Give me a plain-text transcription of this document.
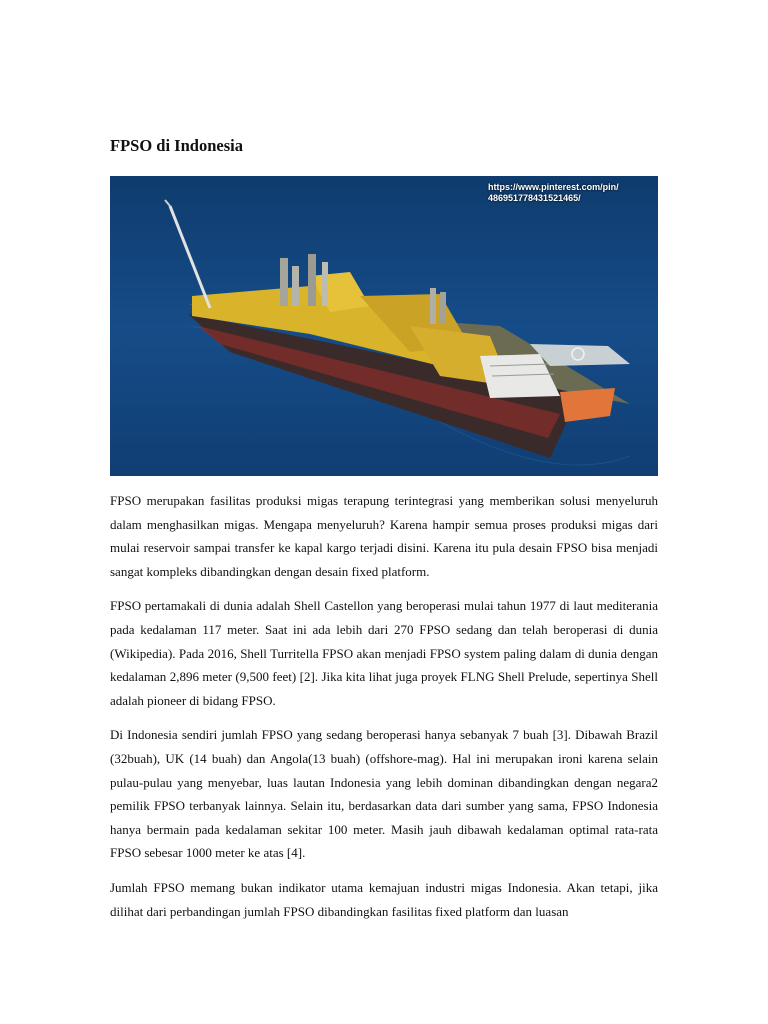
FPSO di Indonesia
https://www.pinterest.com/pin/
486951778431521465/

FPSO merupakan fasilitas produksi migas terapung terintegrasi yang memberikan solusi menyeluruh dalam menghasilkan migas. Mengapa menyeluruh? Karena hampir semua proses produksi migas dari mulai reservoir sampai transfer ke kapal kargo terjadi disini. Karena itu pula desain FPSO bisa menjadi sangat kompleks dibandingkan dengan desain fixed platform.

FPSO pertamakali di dunia adalah Shell Castellon yang beroperasi mulai tahun 1977 di laut mediterania pada kedalaman 117 meter. Saat ini ada lebih dari 270 FPSO sedang dan telah beroperasi di dunia (Wikipedia). Pada 2016, Shell Turritella FPSO akan menjadi FPSO system paling dalam di dunia dengan kedalaman 2,896 meter (9,500 feet) [2]. Jika kita lihat juga proyek FLNG Shell Prelude, sepertinya Shell adalah pioneer di bidang FPSO.

Di Indonesia sendiri jumlah FPSO yang sedang beroperasi hanya sebanyak 7 buah [3]. Dibawah Brazil (32buah), UK (14 buah) dan Angola(13 buah) (offshore-mag). Hal ini merupakan ironi karena selain pulau-pulau yang menyebar, luas lautan Indonesia yang lebih dominan dibandingkan dengan negara2 pemilik FPSO terbanyak lainnya. Selain itu, berdasarkan data dari sumber yang sama, FPSO Indonesia hanya bermain pada kedalaman sekitar 100 meter. Masih jauh dibawah kedalaman optimal rata-rata FPSO sebesar 1000 meter ke atas [4].

Jumlah FPSO memang bukan indikator utama kemajuan industri migas Indonesia. Akan tetapi, jika dilihat dari perbandingan jumlah FPSO dibandingkan fasilitas fixed platform dan luasan
